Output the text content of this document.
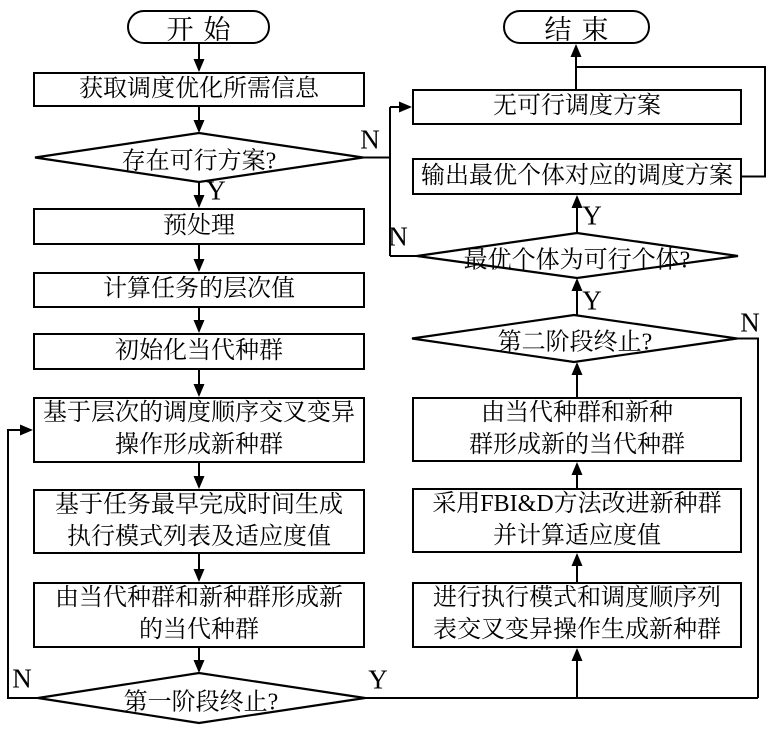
开始	结束
获取调度优化所需信息
预处理
计算任务的层次值
初始化当代种群
基于层次的调度顺序交叉变异
操作形成新种群
基于任务最早完成时间生成
执行模式列表及适应度值
由当代种群和新种群形成新
的当代种群
无可行调度方案
输出最优个体对应的调度方案
由当代种群和新种
群形成新的当代种群
采用FBI&D方法改进新种群
并计算适应度值
进行执行模式和调度顺序列
表交叉变异操作生成新种群
存在可行方案?
第一阶段终止?
最优个体为可行个体?
第二阶段终止?
Y
N
N
Y
Y
N
N	Y
